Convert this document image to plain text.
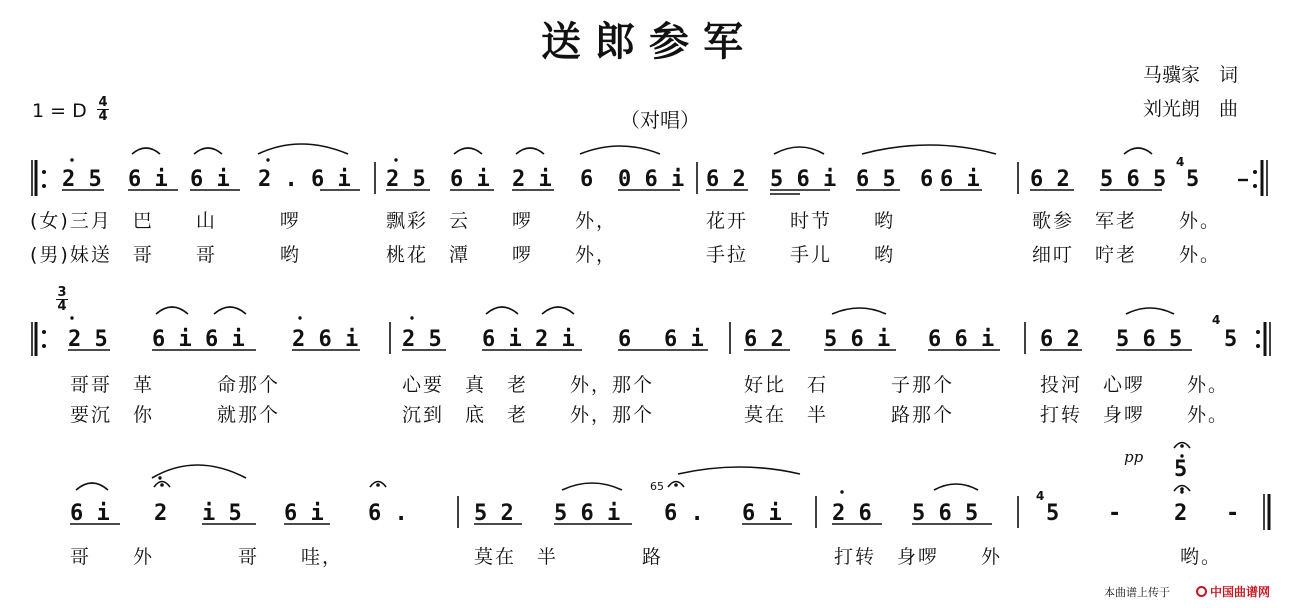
送郎参军
马骥家　词
刘光朗　曲
1 = D 4
4	（对唱）
3
4
2 5 6 i 6 i 2 . 6 i 2 5 6 i 2 i 6 0 6 i 6 2 5 6 i 6 5 6 6 i 6 2 5 6 5
4
5
2 5 6 i 6 i 2 6 i 2 5 6 i 2 i 6 6 i 6 2 5 6 i 6 6 i 6 2 5 6 5
4
5
6 i 2 i 5 6 i 6 .	5 2 5 6 i 6 . 6 i 2 6 5 6 5
4
5 - 2 -
5
65
pp
(女)三月　巴　　山　　　啰	飘彩　云　　啰　　外，	花开　　时节　　哟	歌参　军老　　外。
(男)妹送　哥　　哥　　　哟	桃花　潭　　啰　　外，	手拉　　手儿　　哟	细叮　咛老　　外。
哥哥　革　　　命那个	心要　真　老　　外，那个	好比　石　　　子那个	投河　心啰　　外。
要沉　你　　　就那个	沉到　底　老　　外，那个	莫在　半　　　路那个	打转　身啰　　外。
哥　　外　　　　哥　　哇，	莫在　半　　　　路	打转　身啰　　外	哟。
本曲谱上传于	中国曲谱网
